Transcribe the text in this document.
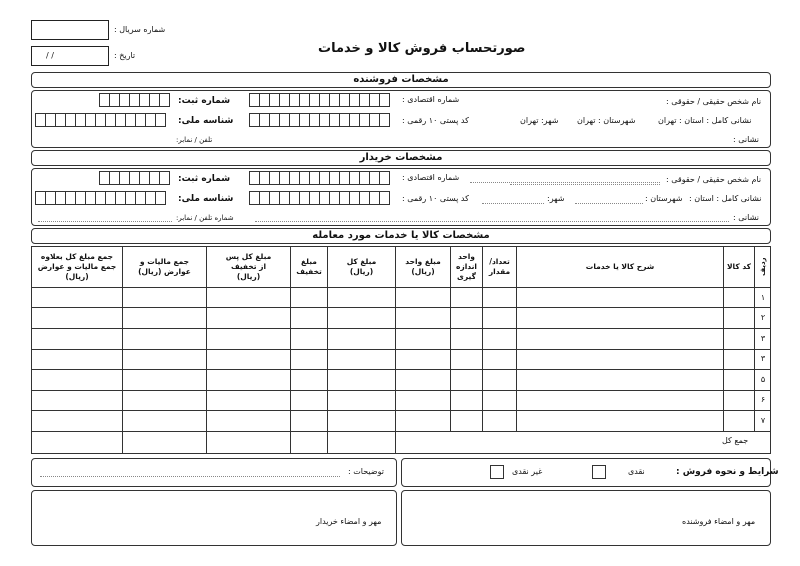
شماره سریال :
/ /	تاریخ :	صورتحساب فروش کالا و خدمات
مشخصات فروشنده
نام شخص حقیقی / حقوقی :
شماره اقتصادی :
شماره ثبت:
نشانی کامل : استان : تهران
شهرستان : تهران
شهر: تهران
کد پستی ۱۰ رقمی :
شناسه ملی:
نشانی :
تلفن / نمابر:
مشخصات خریدار
نام شخص حقیقی / حقوقی :
شماره اقتصادی :
شماره ثبت:
نشانی کامل : استان :
شهرستان :
شهر:
کد پستی ۱۰ رقمی :
شناسه ملی:
نشانی :
شماره تلفن / نمابر:
مشخصات کالا یا خدمات مورد معامله
ردیف
کد کالا
شرح کالا یا خدمات
تعداد/ مقدار
واحد اندازه گیری
مبلغ واحد (ریال)
مبلغ کل (ریال)
مبلغ تخفیف
مبلغ کل پس از تخفیف (ریال)
جمع مالیات و عوارض (ریال)
جمع مبلغ کل بعلاوه جمع مالیات و عوارض (ریال)
۱
۲
۳
۳
۵
۶
۷
جمع کل
شرایط و نحوه فروش :
نقدی
غیر نقدی
توضیحات :
مهر و امضاء فروشنده
مهر و امضاء خریدار
